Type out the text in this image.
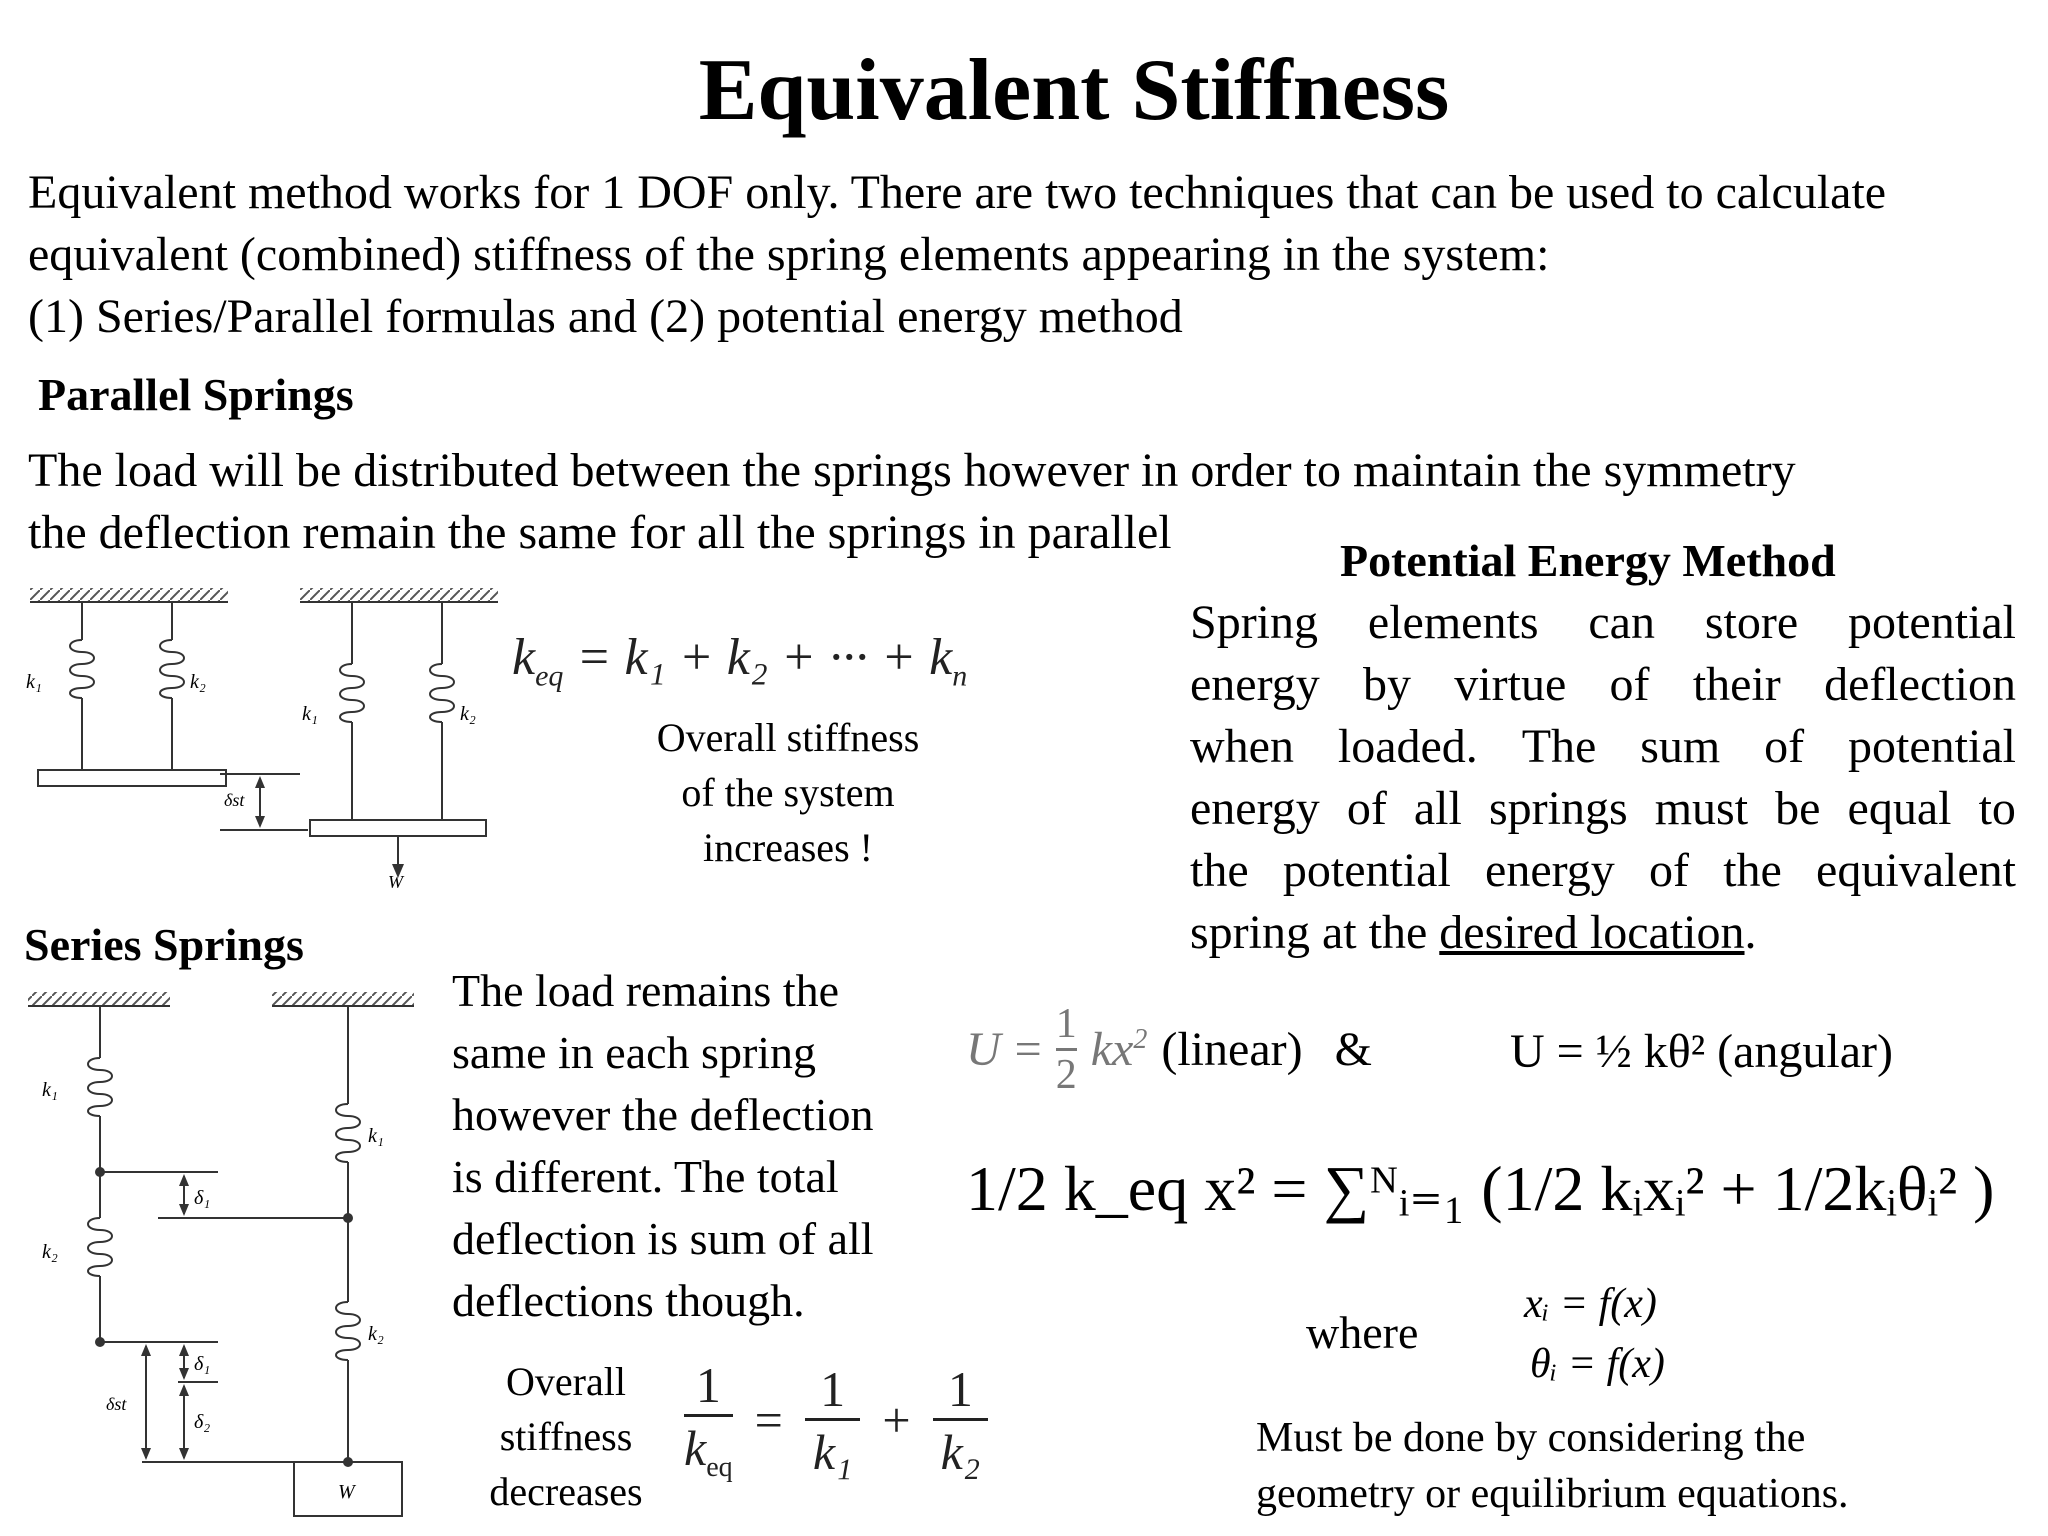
Equivalent Stiffness
Equivalent method works for 1 DOF only. There are two techniques that can be used to calculate
equivalent (combined) stiffness of the spring elements appearing in the system:
(1) Series/Parallel formulas and (2) potential energy method
Parallel Springs
The load will be distributed between the springs however in order to maintain the symmetry
the deflection remain the same for all the springs in parallel
k₁	k₂
k₁	k₂
δst
W
$k_{eq} = k_1 + k_2$ + ··· + $k_n$
Overall stiffness
of the system
increases !
Series Springs
k₁
k₂
k₁
k₂
δ₁
δ₁
δ₂
δst
W
The load remains the
same in each spring
however the deflection
is different. The total
deflection is sum of all
deflections though.
Overall
stiffness
decreases
$\frac{1}{k_{eq}} = \frac{1}{\text{k₁}} + \frac{1}{\text{k₂}}$
Potential Energy Method
Spring elements can store potential
energy by virtue of their deflection
when loaded. The sum of potential
energy of all springs must be equal to
the potential energy of the equivalent
spring at the desired location .
$U = \frac{1}{2} kx^2$ (linear) &	U = ½ kθ² (angular)
1/2 k_eq x² = ∑ᴺᵢ₌₁ (1/2 kᵢxᵢ² + 1/2kᵢθᵢ² )
where
xᵢ = f(x)
θᵢ = f(x)
Must be done by considering the
geometry or equilibrium equations.
